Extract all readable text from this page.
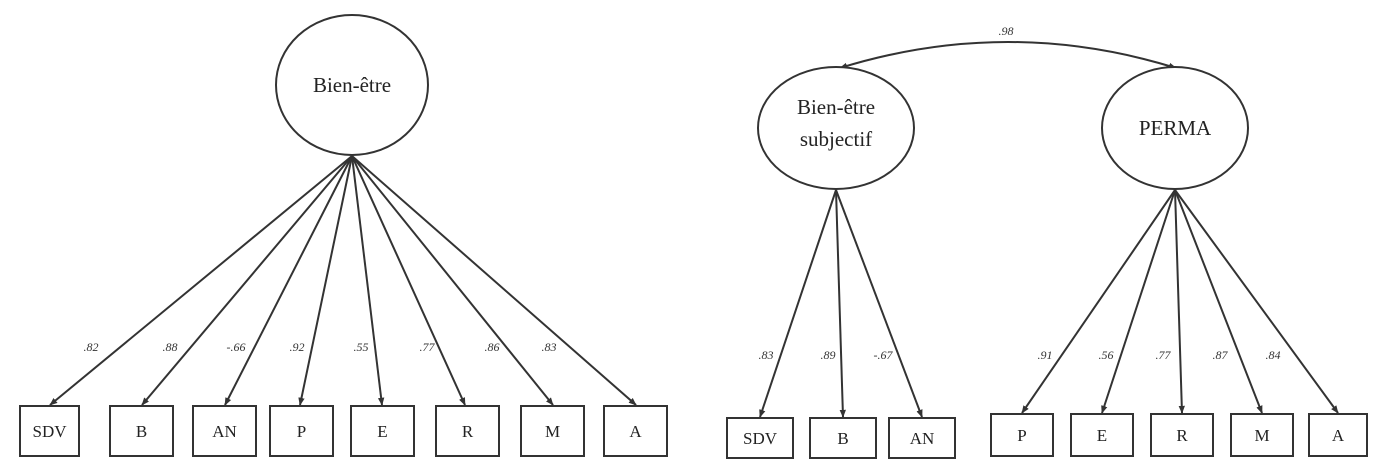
Bien-être
.82	.88	-.66	.92	.55	.77	.86	.83
SDV	B	AN	P	E	R	M	A
.98
Bien-être
subjectif	PERMA
.83	.89	-.67	.91	.56	.77	.87	.84
SDV	B	AN	P	E	R	M	A
